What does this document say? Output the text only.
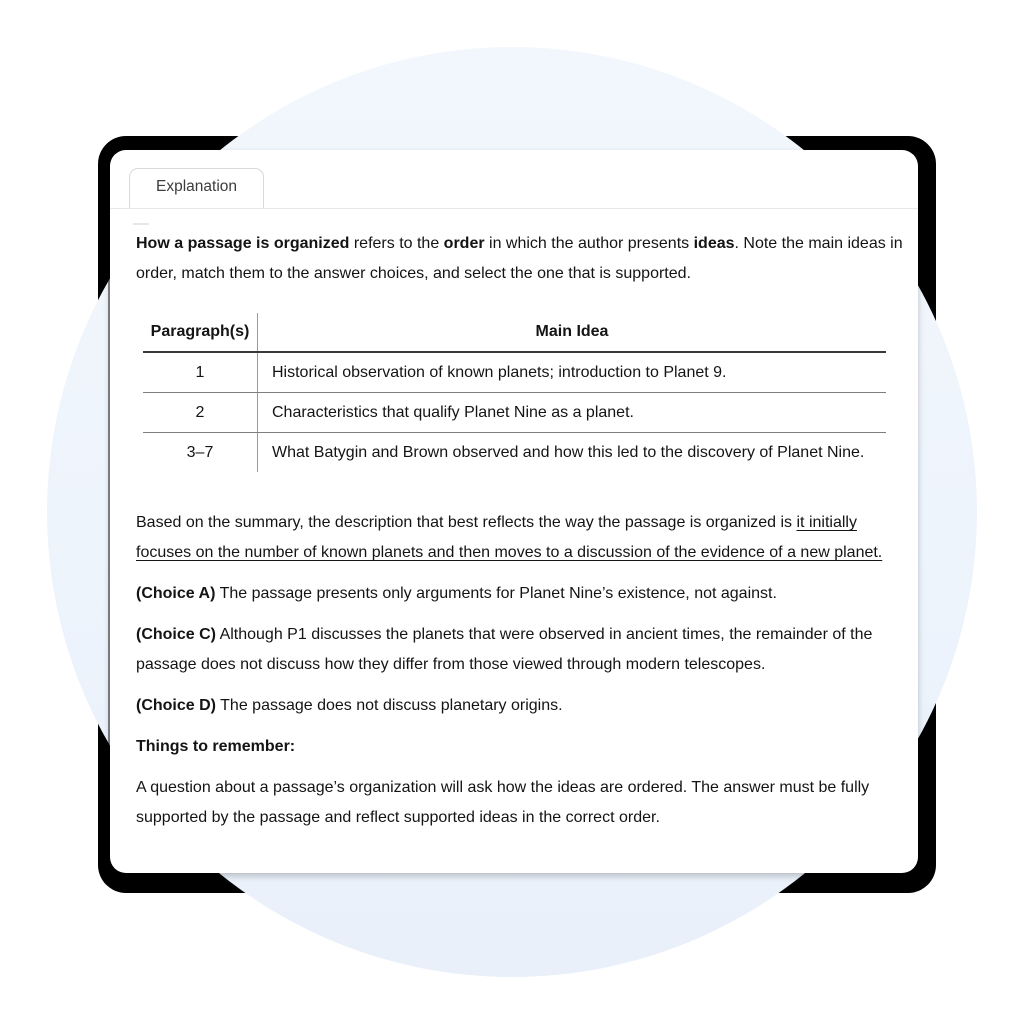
Explanation

How a passage is organized refers to the order in which the author presents ideas. Note the main ideas in order, match them to the answer choices, and select the one that is supported.

Paragraph(s)	Main Idea
1	Historical observation of known planets; introduction to Planet 9.
2	Characteristics that qualify Planet Nine as a planet.
3–7	What Batygin and Brown observed and how this led to the discovery of Planet Nine.

Based on the summary, the description that best reflects the way the passage is organized is it initially focuses on the number of known planets and then moves to a discussion of the evidence of a new planet.

(Choice A) The passage presents only arguments for Planet Nine’s existence, not against.

(Choice C) Although P1 discusses the planets that were observed in ancient times, the remainder of the passage does not discuss how they differ from those viewed through modern telescopes.

(Choice D) The passage does not discuss planetary origins.

Things to remember:

A question about a passage’s organization will ask how the ideas are ordered. The answer must be fully supported by the passage and reflect supported ideas in the correct order.
